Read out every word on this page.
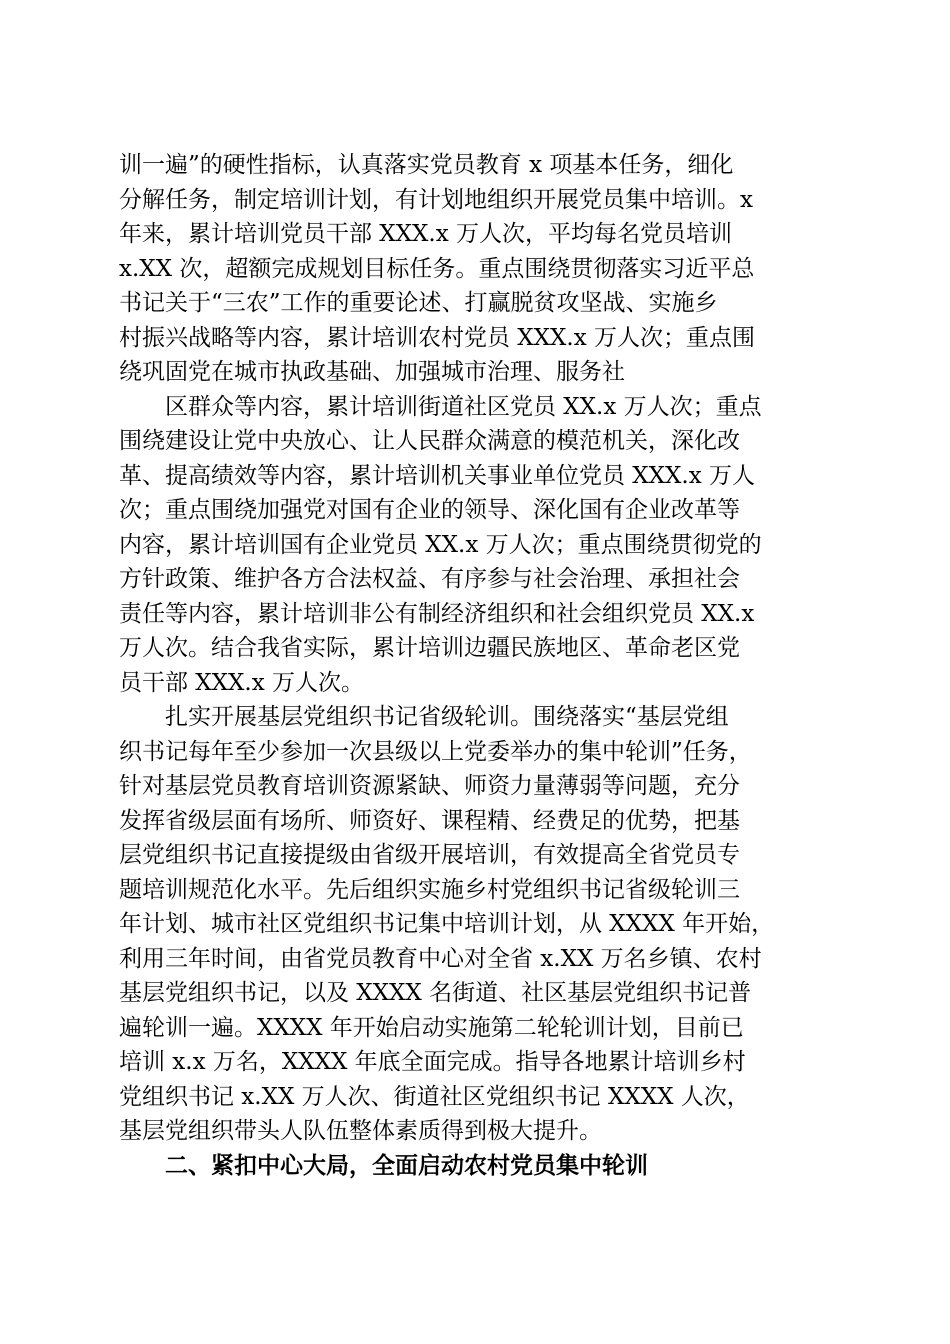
训一遍”的硬性指标，认真落实党员教育 x 项基本任务，细化
分解任务，制定培训计划，有计划地组织开展党员集中培训。x
年来，累计培训党员干部 XXX.x 万人次，平均每名党员培训
x.XX 次，超额完成规划目标任务。重点围绕贯彻落实习近平总
书记关于“三农”工作的重要论述、打赢脱贫攻坚战、实施乡
村振兴战略等内容，累计培训农村党员 XXX.x 万人次；重点围
绕巩固党在城市执政基础、加强城市治理、服务社
区群众等内容，累计培训街道社区党员 XX.x 万人次；重点
围绕建设让党中央放心、让人民群众满意的模范机关，深化改
革、提高绩效等内容，累计培训机关事业单位党员 XXX.x 万人
次；重点围绕加强党对国有企业的领导、深化国有企业改革等
内容，累计培训国有企业党员 XX.x 万人次；重点围绕贯彻党的
方针政策、维护各方合法权益、有序参与社会治理、承担社会
责任等内容，累计培训非公有制经济组织和社会组织党员 XX.x
万人次。结合我省实际，累计培训边疆民族地区、革命老区党
员干部 XXX.x 万人次。
扎实开展基层党组织书记省级轮训。围绕落实“基层党组
织书记每年至少参加一次县级以上党委举办的集中轮训”任务，
针对基层党员教育培训资源紧缺、师资力量薄弱等问题，充分
发挥省级层面有场所、师资好、课程精、经费足的优势，把基
层党组织书记直接提级由省级开展培训，有效提高全省党员专
题培训规范化水平。先后组织实施乡村党组织书记省级轮训三
年计划、城市社区党组织书记集中培训计划，从 XXXX 年开始，
利用三年时间，由省党员教育中心对全省 x.XX 万名乡镇、农村
基层党组织书记，以及 XXXX 名街道、社区基层党组织书记普
遍轮训一遍。XXXX 年开始启动实施第二轮轮训计划，目前已
培训 x.x 万名，XXXX 年底全面完成。指导各地累计培训乡村
党组织书记 x.XX 万人次、街道社区党组织书记 XXXX 人次，
基层党组织带头人队伍整体素质得到极大提升。
二、紧扣中心大局，全面启动农村党员集中轮训
